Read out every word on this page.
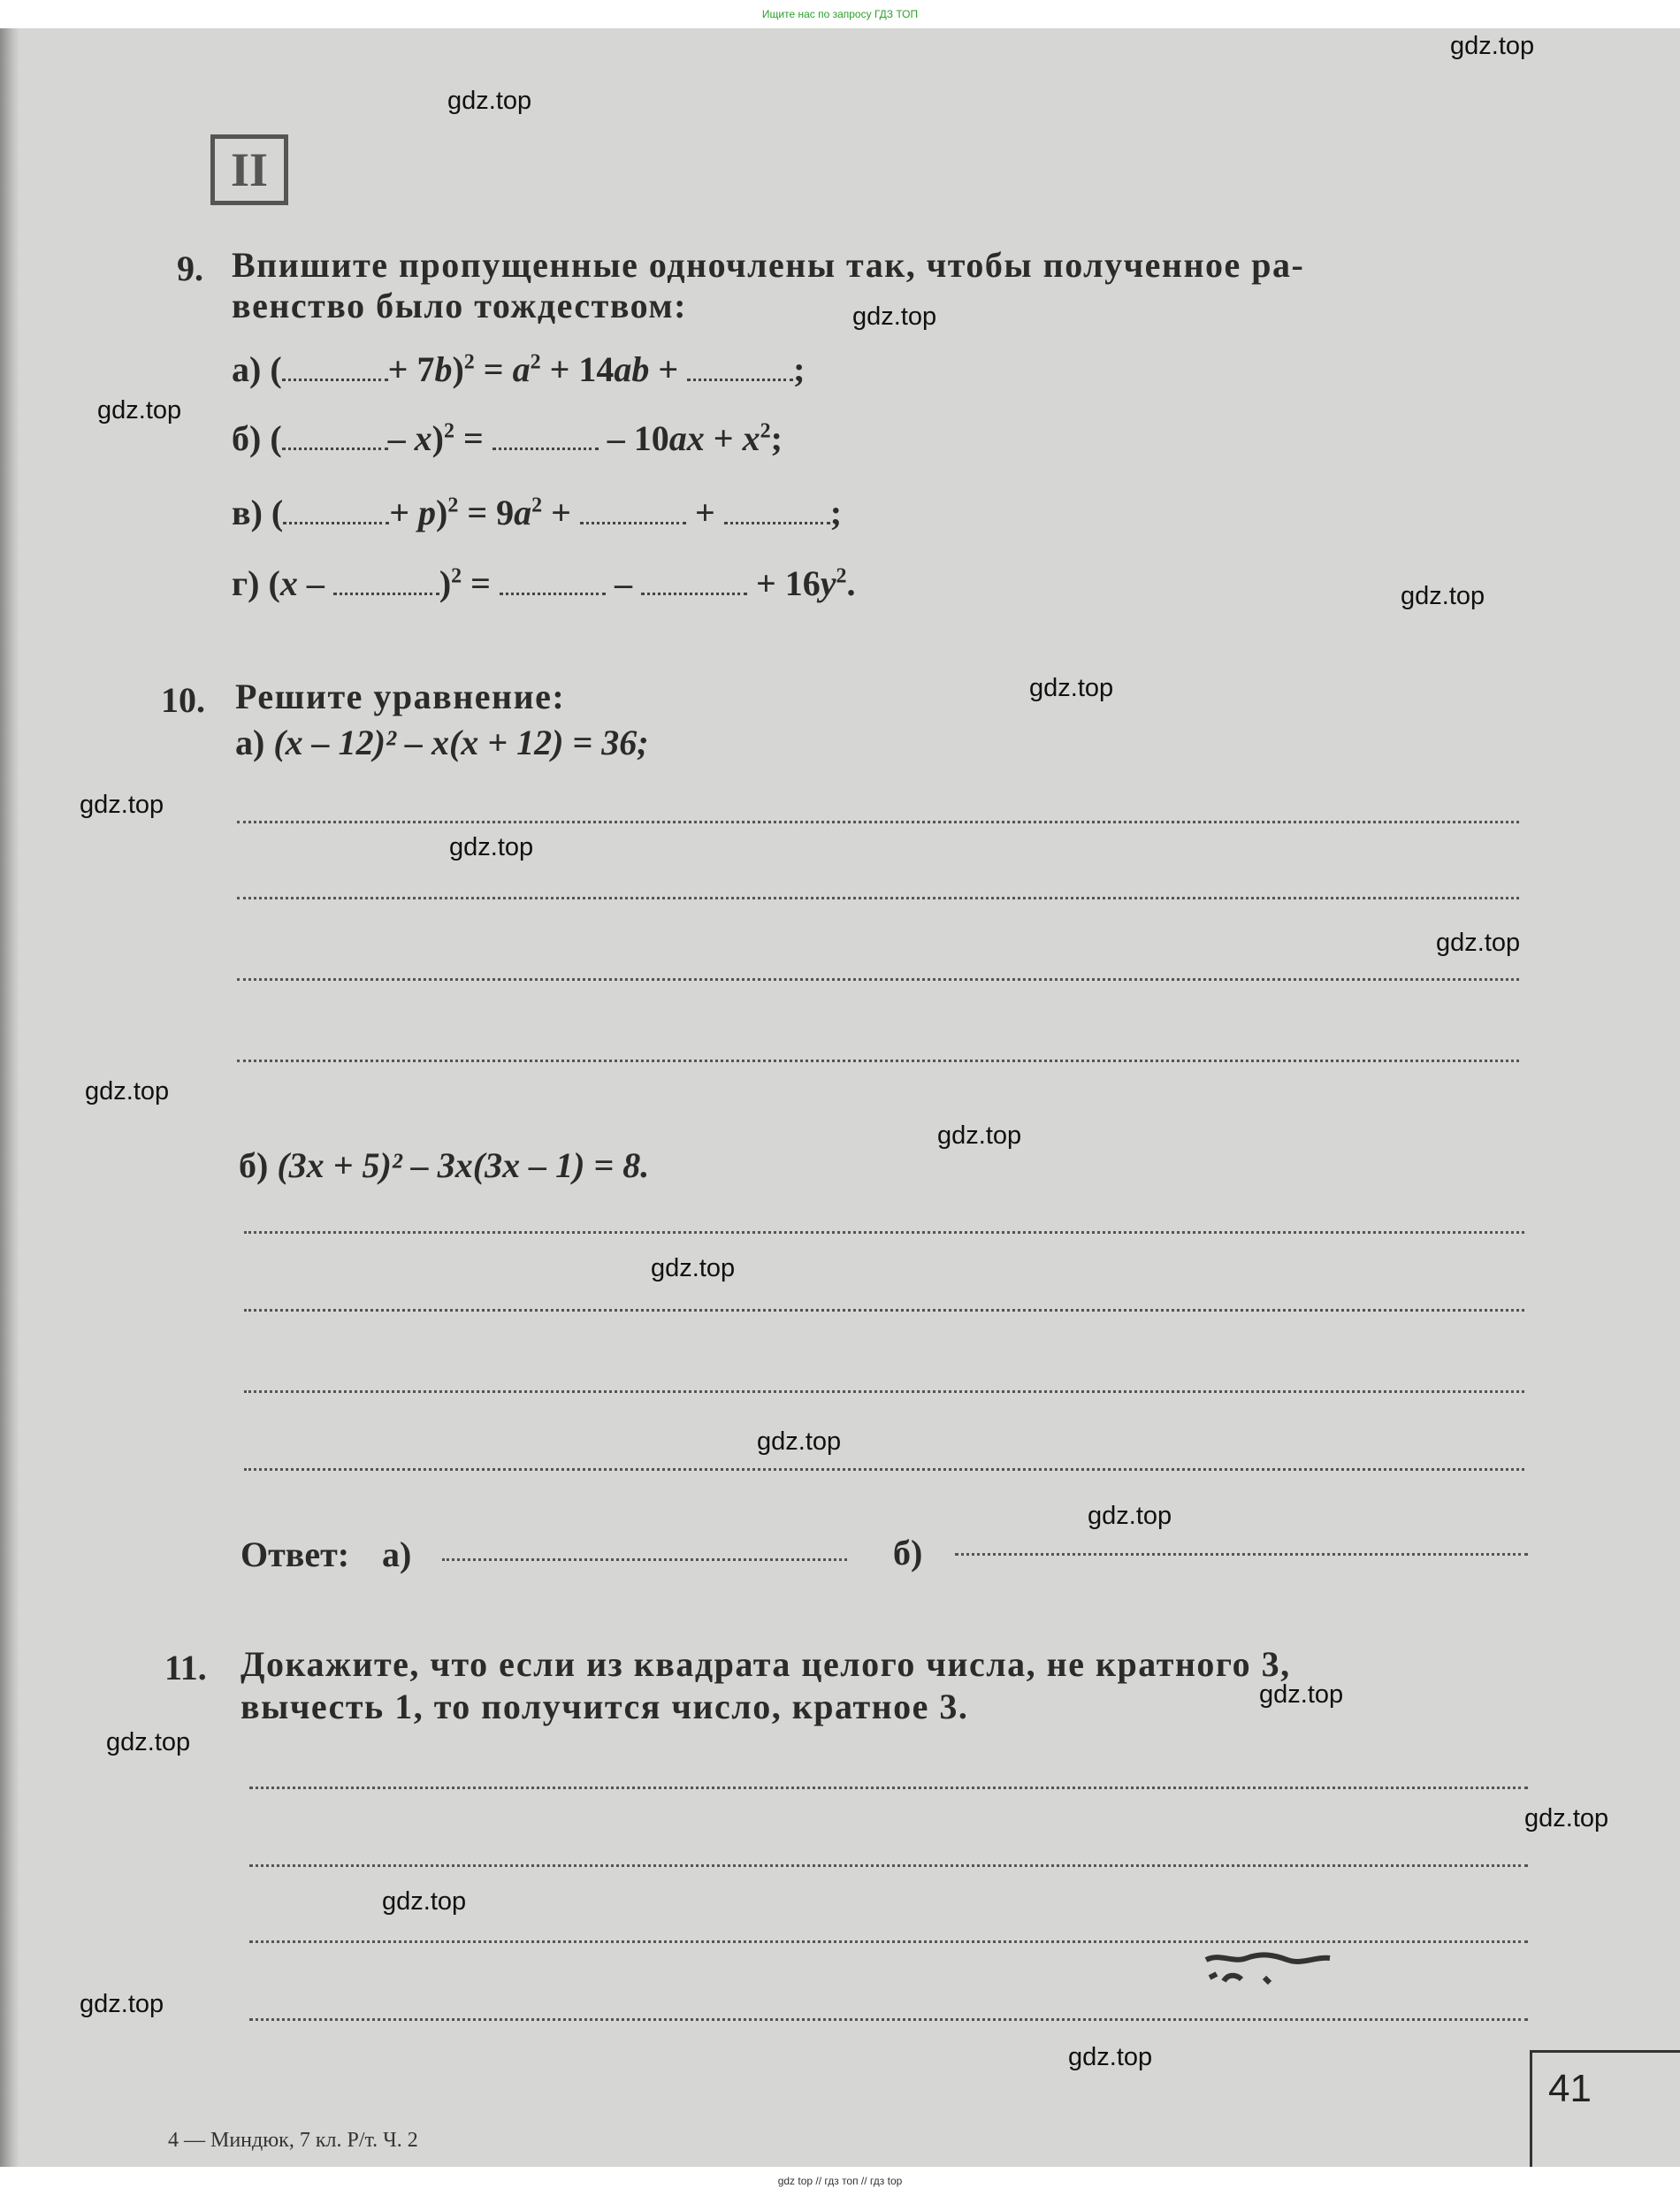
Ищите нас по запросу ГДЗ ТОП
II
9. Впишите пропущенные одночлены так, чтобы полученное ра-
венство было тождеством:
а) (	+ $7b)^2 = a^2 + 14ab$ +	;
б) (	– x)$^2$ =	– $10ax + x^2$;
в) (	+ $p)^2 = 9a^2$ +	+	;
г) (x –	)$^2$ =	–	+ $16y^2$.
10. Решите уравнение:
а) (x – 12)² – x(x + 12) = 36;
б) (3x + 5)² – 3x(3x – 1) = 8.
Ответ: а)	б)
11. Докажите, что если из квадрата целого числа, не кратного 3,
вычесть 1, то получится число, кратное 3.
4 — Миндюк, 7 кл. Р/т. Ч. 2
41
gdz.top
gdz.top
gdz.top
gdz.top
gdz.top
gdz.top
gdz.top
gdz.top
gdz.top
gdz.top
gdz.top
gdz.top
gdz.top
gdz.top
gdz.top
gdz.top
gdz.top
gdz.top
gdz.top
gdz.top
gdz top // гдз топ // гдз top
